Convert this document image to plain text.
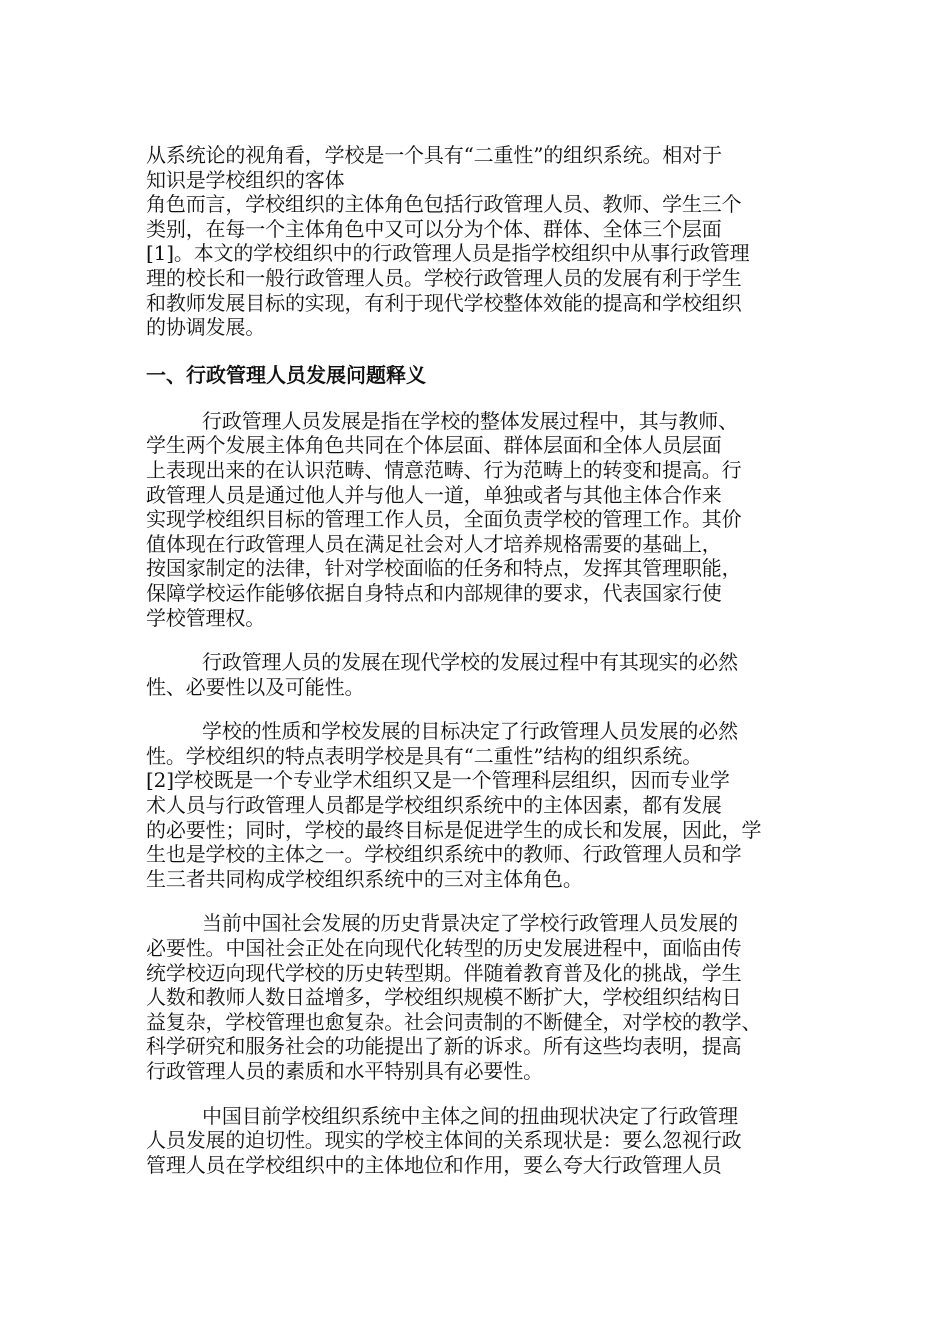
从系统论的视角看，学校是一个具有“二重性”的组织系统。相对于
知识是学校组织的客体
角色而言，学校组织的主体角色包括行政管理人员、教师、学生三个
类别，在每一个主体角色中又可以分为个体、群体、全体三个层面
[1]。本文的学校组织中的行政管理人员是指学校组织中从事行政管理
理的校长和一般行政管理人员。学校行政管理人员的发展有利于学生
和教师发展目标的实现，有利于现代学校整体效能的提高和学校组织
的协调发展。
一、行政管理人员发展问题释义
行政管理人员发展是指在学校的整体发展过程中，其与教师、
学生两个发展主体角色共同在个体层面、群体层面和全体人员层面
上表现出来的在认识范畴、情意范畴、行为范畴上的转变和提高。行
政管理人员是通过他人并与他人一道，单独或者与其他主体合作来
实现学校组织目标的管理工作人员，全面负责学校的管理工作。其价
值体现在行政管理人员在满足社会对人才培养规格需要的基础上，
按国家制定的法律，针对学校面临的任务和特点，发挥其管理职能，
保障学校运作能够依据自身特点和内部规律的要求，代表国家行使
学校管理权。
行政管理人员的发展在现代学校的发展过程中有其现实的必然
性、必要性以及可能性。
学校的性质和学校发展的目标决定了行政管理人员发展的必然
性。学校组织的特点表明学校是具有“二重性”结构的组织系统。
[2]学校既是一个专业学术组织又是一个管理科层组织，因而专业学
术人员与行政管理人员都是学校组织系统中的主体因素，都有发展
的必要性；同时，学校的最终目标是促进学生的成长和发展，因此，学
生也是学校的主体之一。学校组织系统中的教师、行政管理人员和学
生三者共同构成学校组织系统中的三对主体角色。
当前中国社会发展的历史背景决定了学校行政管理人员发展的
必要性。中国社会正处在向现代化转型的历史发展进程中，面临由传
统学校迈向现代学校的历史转型期。伴随着教育普及化的挑战，学生
人数和教师人数日益增多，学校组织规模不断扩大，学校组织结构日
益复杂，学校管理也愈复杂。社会问责制的不断健全，对学校的教学、
科学研究和服务社会的功能提出了新的诉求。所有这些均表明，提高
行政管理人员的素质和水平特别具有必要性。
中国目前学校组织系统中主体之间的扭曲现状决定了行政管理
人员发展的迫切性。现实的学校主体间的关系现状是：要么忽视行政
管理人员在学校组织中的主体地位和作用，要么夸大行政管理人员
